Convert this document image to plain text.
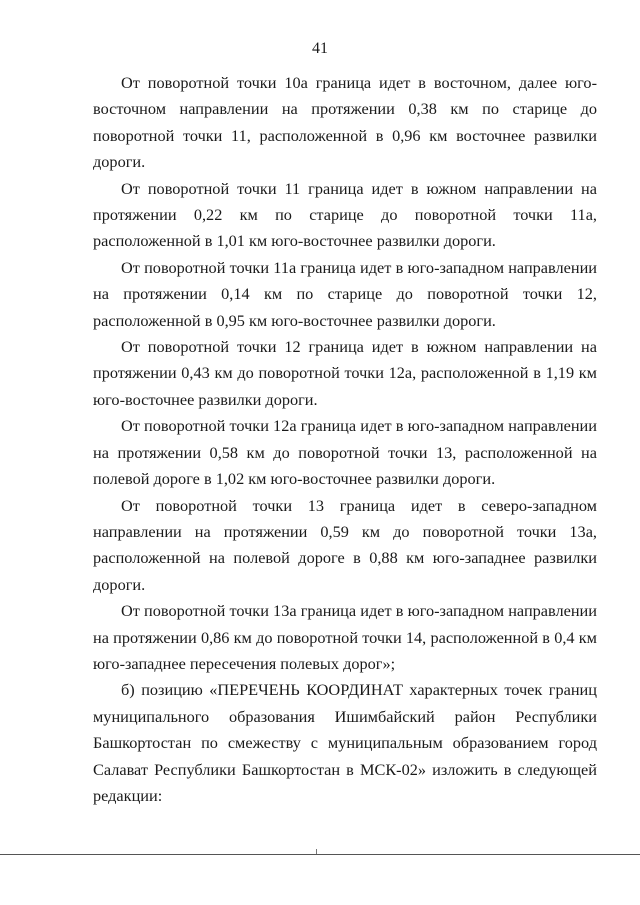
41

От поворотной точки 10а граница идет в восточном, далее юго-восточном направлении на протяжении 0,38 км по старице до поворотной точки 11, расположенной в 0,96 км восточнее развилки дороги.

От поворотной точки 11 граница идет в южном направлении на протяжении 0,22 км по старице до поворотной точки 11а, расположенной в 1,01 км юго-восточнее развилки дороги.

От поворотной точки 11а граница идет в юго-западном направлении на протяжении 0,14 км по старице до поворотной точки 12, расположенной в 0,95 км юго-восточнее развилки дороги.

От поворотной точки 12 граница идет в южном направлении на протяжении 0,43 км до поворотной точки 12а, расположенной в 1,19 км юго-восточнее развилки дороги.

От поворотной точки 12а граница идет в юго-западном направлении на протяжении 0,58 км до поворотной точки 13, расположенной на полевой дороге в 1,02 км юго-восточнее развилки дороги.

От поворотной точки 13 граница идет в северо-западном направлении на протяжении 0,59 км до поворотной точки 13а, расположенной на полевой дороге в 0,88 км юго-западнее развилки дороги.

От поворотной точки 13а граница идет в юго-западном направлении на протяжении 0,86 км до поворотной точки 14, расположенной в 0,4 км юго-западнее пересечения полевых дорог»;

б) позицию «ПЕРЕЧЕНЬ КООРДИНАТ характерных точек границ муниципального образования Ишимбайский район Республики Башкортостан по смежеству с муниципальным образованием город Салават Республики Башкортостан в МСК-02» изложить в следующей редакции:
